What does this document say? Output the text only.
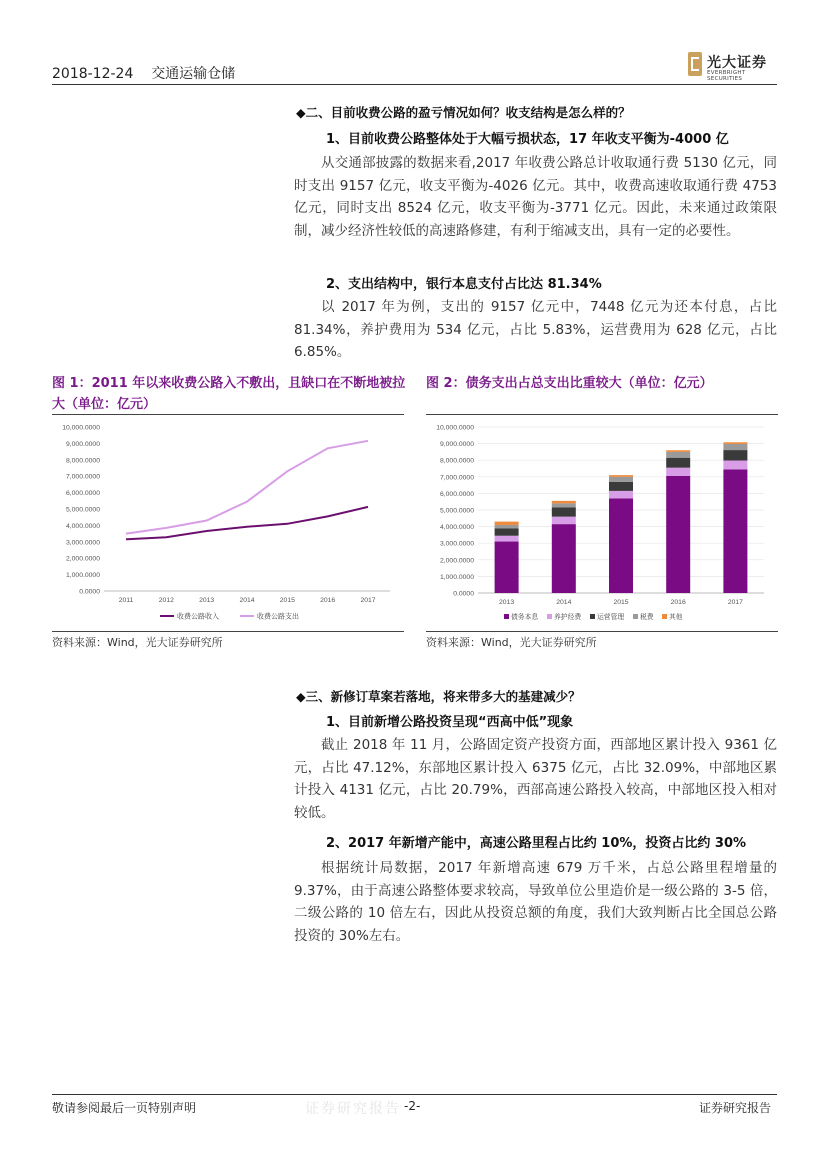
2018-12-24 交通运输仓储
光大证券
EVERBRIGHT SECURITIES
◆二、目前收费公路的盈亏情况如何？收支结构是怎么样的？
1、目前收费公路整体处于大幅亏损状态，17 年收支平衡为-4000 亿
从交通部披露的数据来看,2017 年收费公路总计收取通行费 5130 亿元，同时支出 9157 亿元，收支平衡为-4026 亿元。其中，收费高速收取通行费 4753 亿元，同时支出 8524 亿元，收支平衡为-3771 亿元。因此，未来通过政策限制，减少经济性较低的高速路修建，有利于缩减支出，具有一定的必要性。
2、支出结构中，银行本息支付占比达 81.34%
以 2017 年为例，支出的 9157 亿元中，7448 亿元为还本付息，占比 81.34%，养护费用为 534 亿元，占比 5.83%，运营费用为 628 亿元，占比 6.85%。
图 1：2011 年以来收费公路入不敷出，且缺口在不断地被拉大（单位：亿元）
0.0000
1,000.0000
2,000.0000
3,000.0000
4,000.0000
5,000.0000
6,000.0000
7,000.0000
8,000.0000
9,000.0000
10,000.0000
2011	2012	2013	2014	2015	2016	2017
收费公路收入	收费公路支出
资料来源：Wind，光大证券研究所
图 2：债务支出占总支出比重较大（单位：亿元）
0.0000
1,000.0000
2,000.0000
3,000.0000
4,000.0000
5,000.0000
6,000.0000
7,000.0000
8,000.0000
9,000.0000
10,000.0000
2013	2014	2015	2016	2017
债务本息 养护经费 运营管理 税费 其他
资料来源：Wind，光大证券研究所
◆三、新修订草案若落地，将来带多大的基建减少？
1、目前新增公路投资呈现“西高中低”现象
截止 2018 年 11 月，公路固定资产投资方面，西部地区累计投入 9361 亿元，占比 47.12%，东部地区累计投入 6375 亿元，占比 32.09%，中部地区累计投入 4131 亿元，占比 20.79%，西部高速公路投入较高，中部地区投入相对较低。
2、2017 年新增产能中，高速公路里程占比约 10%，投资占比约 30%
根据统计局数据，2017 年新增高速 679 万千米，占总公路里程增量的 9.37%，由于高速公路整体要求较高，导致单位公里造价是一级公路的 3-5 倍，二级公路的 10 倍左右，因此从投资总额的角度，我们大致判断占比全国总公路投资的 30%左右。
敬请参阅最后一页特别声明	证券研究报告 -2-	证券研究报告
